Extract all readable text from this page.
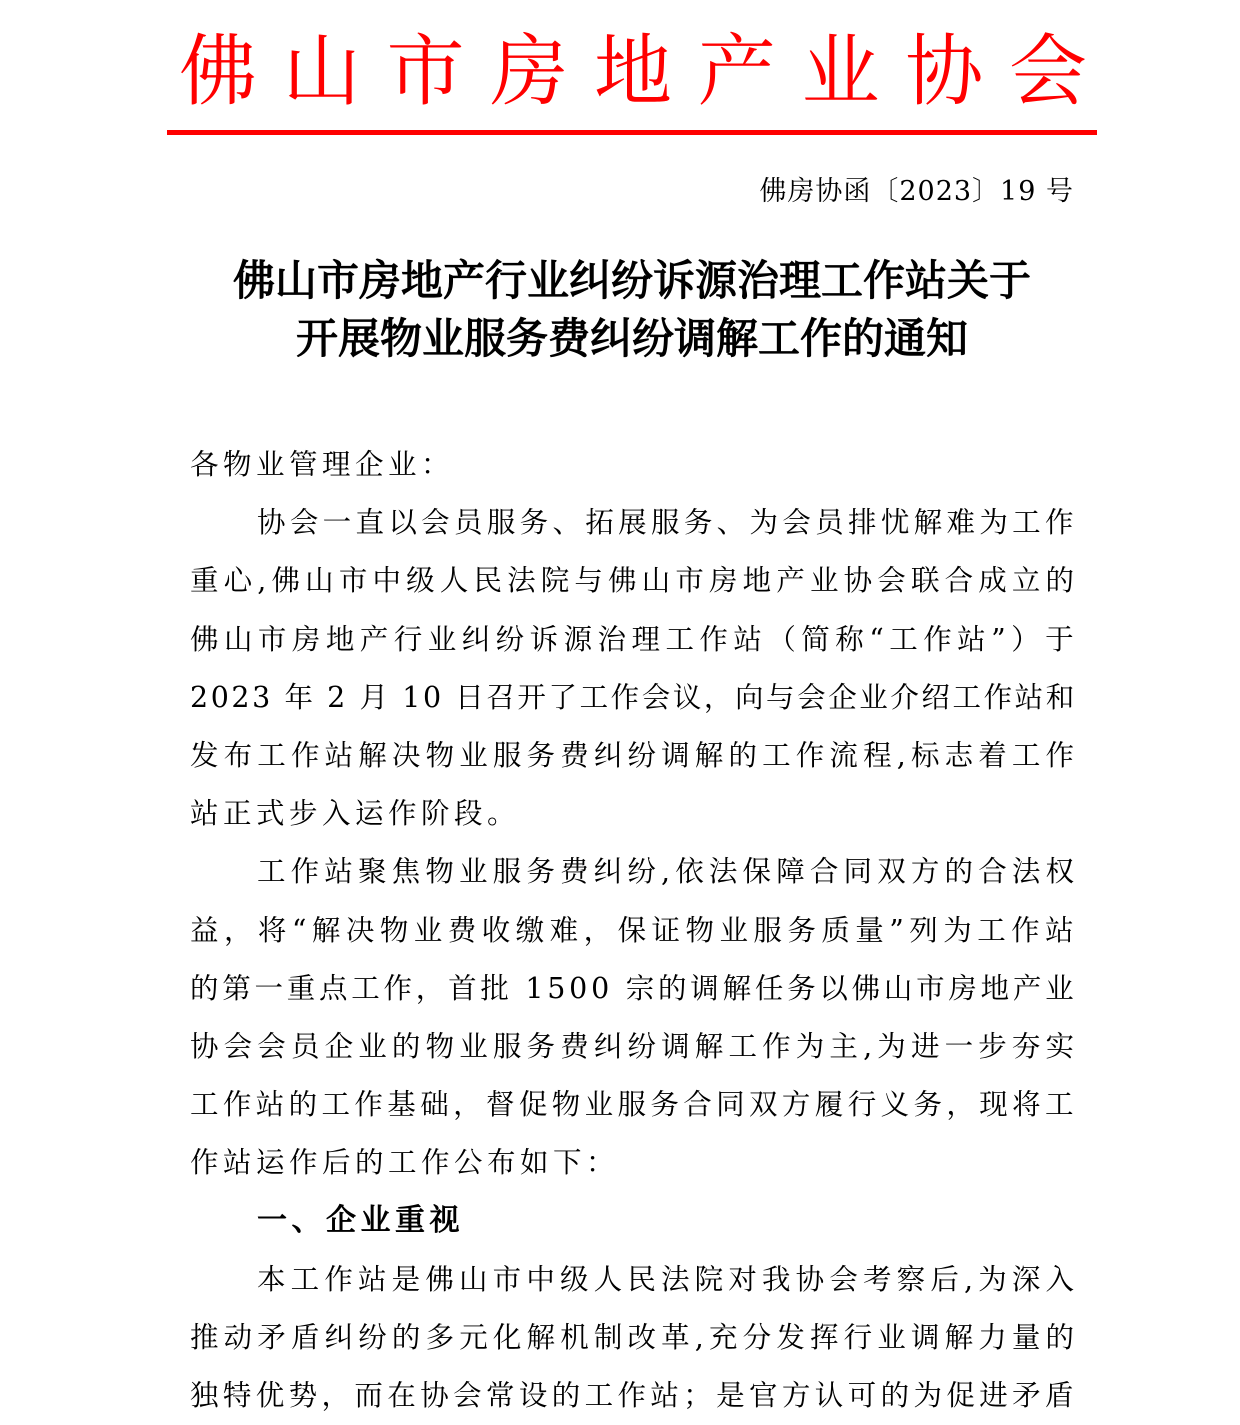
佛 山 市 房 地 产 业 协 会
佛房协函〔2023〕19 号
佛山市房地产行业纠纷诉源治理工作站关于
开展物业服务费纠纷调解工作的通知
各物业管理企业：
协会一直以会员服务、拓展服务、为会员排忧解难为工作
重心,佛山市中级人民法院与佛山市房地产业协会联合成立的
佛山市房地产行业纠纷诉源治理工作站（简称“工作站”）于
2023 年 2 月 10 日召开了工作会议，向与会企业介绍工作站和
发布工作站解决物业服务费纠纷调解的工作流程,标志着工作
站正式步入运作阶段。
工作站聚焦物业服务费纠纷,依法保障合同双方的合法权
益，将“解决物业费收缴难，保证物业服务质量”列为工作站
的第一重点工作，首批 1500 宗的调解任务以佛山市房地产业
协会会员企业的物业服务费纠纷调解工作为主,为进一步夯实
工作站的工作基础，督促物业服务合同双方履行义务，现将工
作站运作后的工作公布如下：
一、企业重视
本工作站是佛山市中级人民法院对我协会考察后,为深入
推动矛盾纠纷的多元化解机制改革,充分发挥行业调解力量的
独特优势，而在协会常设的工作站；是官方认可的为促进矛盾
